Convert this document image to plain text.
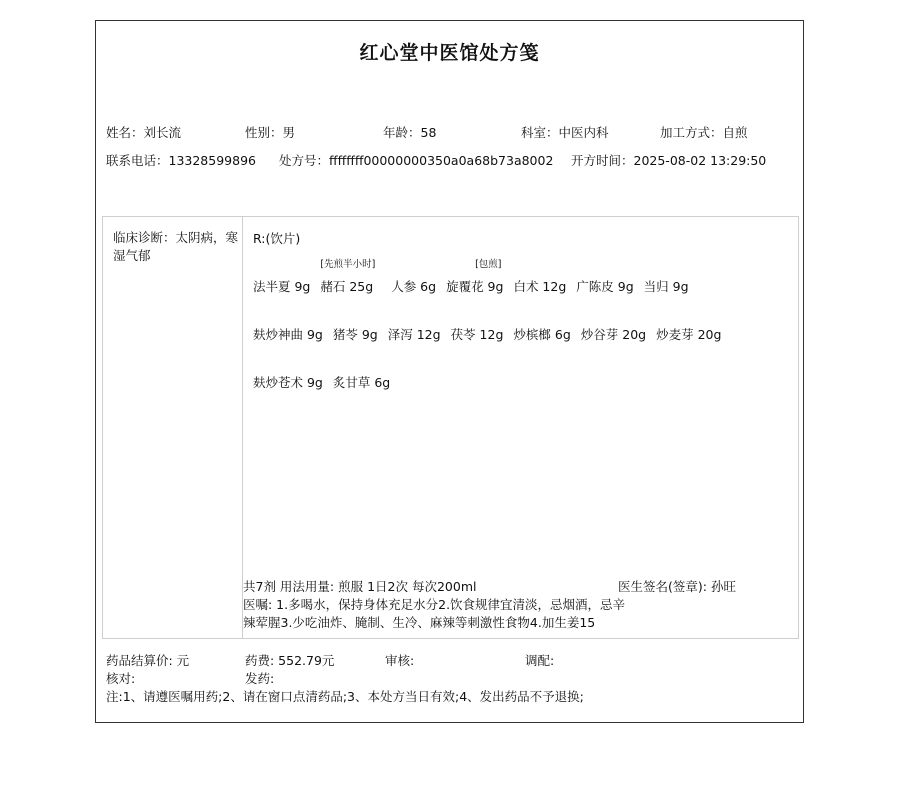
红心堂中医馆处方笺
姓名：刘长流	性别：男	年龄：58	科室：中医内科	加工方式：自煎
联系电话：13328599896 处方号：ffffffff00000000350a0a68b73a8002 开方时间：2025-08-02 13:29:50
临床诊断：太阴病，寒湿气郁
R:(饮片)
法半夏 9g
[先煎半小时]
赭石 25g 人参 6g
[包煎]
旋覆花 9g 白术 12g 广陈皮 9g 当归 9g
麸炒神曲 9g 猪苓 9g 泽泻 12g 茯苓 12g 炒槟榔 6g 炒谷芽 20g 炒麦芽 20g
麸炒苍术 9g 炙甘草 6g
共7剂 用法用量: 煎服 1日2次 每次200ml	医生签名(签章): 孙旺
医嘱: 1.多喝水，保持身体充足水分2.饮食规律宜清淡，忌烟酒，忌辛辣荤腥3.少吃油炸、腌制、生冷、麻辣等刺激性食物4.加生姜15
药品结算价: 元	药费: 552.79元	审核:	调配:
核对:	发药:
注:1、请遵医嘱用药;2、请在窗口点清药品;3、本处方当日有效;4、发出药品不予退换;
